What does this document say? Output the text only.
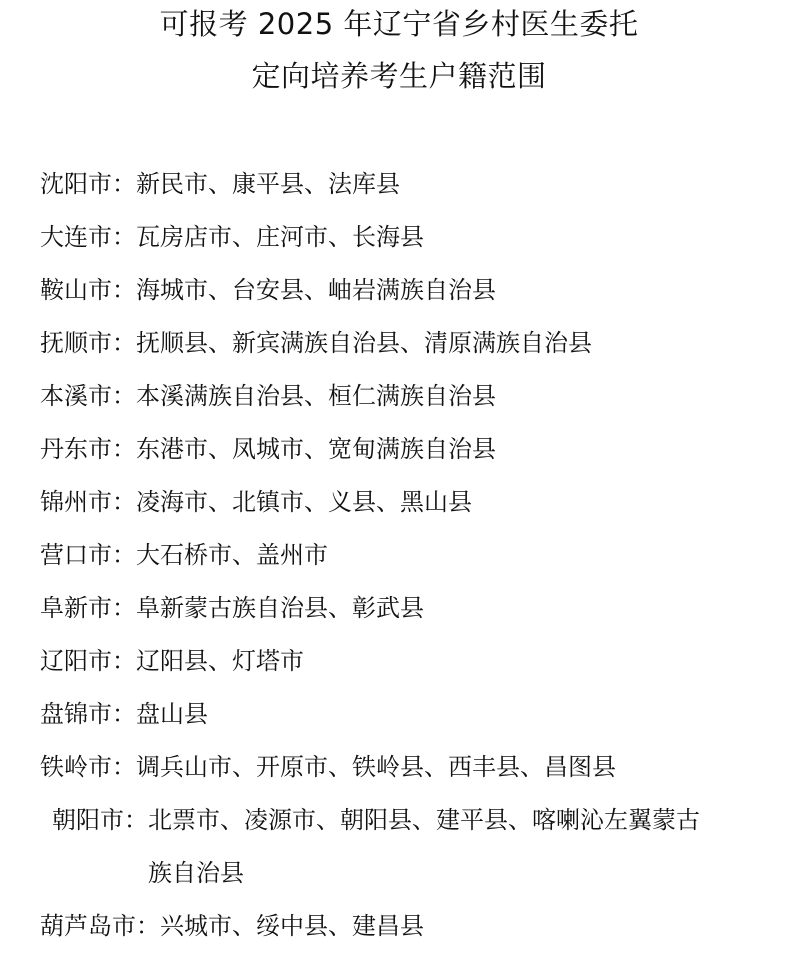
可报考 2025 年辽宁省乡村医生委托
定向培养考生户籍范围
沈阳市： 新民市、康平县、法库县
大连市： 瓦房店市、庄河市、长海县
鞍山市： 海城市、台安县、岫岩满族自治县
抚顺市： 抚顺县、新宾满族自治县、清原满族自治县
本溪市： 本溪满族自治县、桓仁满族自治县
丹东市： 东港市、凤城市、宽甸满族自治县
锦州市： 凌海市、北镇市、义县、黑山县
营口市： 大石桥市、盖州市
阜新市： 阜新蒙古族自治县、彰武县
辽阳市： 辽阳县、灯塔市
盘锦市： 盘山县
铁岭市： 调兵山市、开原市、铁岭县、西丰县、昌图县
朝阳市： 北票市、凌源市、朝阳县、建平县、喀喇沁左翼蒙古
族自治县
葫芦岛市： 兴城市、绥中县、建昌县
